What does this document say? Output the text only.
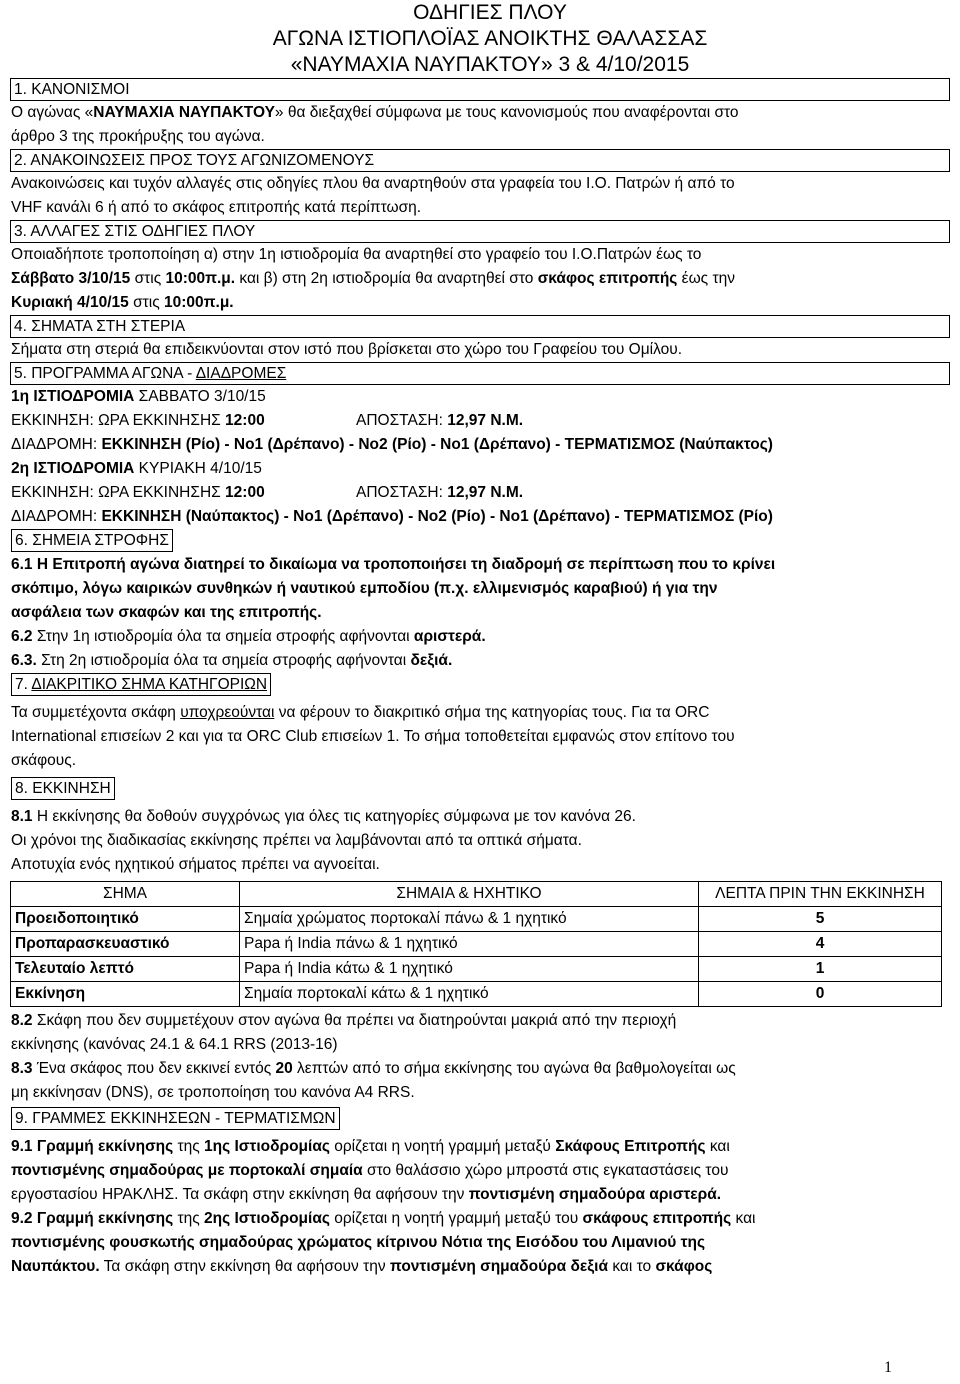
ΟΔΗΓΙΕΣ ΠΛΟΥ
ΑΓΩΝΑ ΙΣΤΙΟΠΛΟΪΑΣ ΑΝΟΙΚΤΗΣ ΘΑΛΑΣΣΑΣ
«ΝΑΥΜΑΧΙΑ ΝΑΥΠΑΚΤΟΥ» 3 & 4/10/2015
1. ΚΑΝΟΝΙΣΜΟΙ
Ο αγώνας «ΝΑΥΜΑΧΙΑ ΝΑΥΠΑΚΤΟΥ» θα διεξαχθεί σύμφωνα με τους κανονισμούς που αναφέρονται στο
άρθρο 3 της προκήρυξης του αγώνα.
2. ΑΝΑΚΟΙΝΩΣΕΙΣ ΠΡΟΣ ΤΟΥΣ ΑΓΩΝΙΖΟΜΕΝΟΥΣ
Ανακοινώσεις και τυχόν αλλαγές στις οδηγίες πλου θα αναρτηθούν στα γραφεία του Ι.Ο. Πατρών ή από το
VHF κανάλι 6 ή από το σκάφος επιτροπής κατά περίπτωση.
3. ΑΛΛΑΓΕΣ ΣΤΙΣ ΟΔΗΓΙΕΣ ΠΛΟΥ
Οποιαδήποτε τροποποίηση α) στην 1η ιστιοδρομία θα αναρτηθεί στο γραφείο του Ι.Ο.Πατρών έως το
Σάββατο 3/10/15 στις 10:00π.μ. και β) στη 2η ιστιοδρομία θα αναρτηθεί στο σκάφος επιτροπής έως την
Κυριακή 4/10/15 στις 10:00π.μ.
4. ΣΗΜΑΤΑ ΣΤΗ ΣΤΕΡΙΑ
Σήματα στη στεριά θα επιδεικνύονται στον ιστό που βρίσκεται στο χώρο του Γραφείου του Ομίλου.
5. ΠΡΟΓΡΑΜΜΑ ΑΓΩΝΑ - ΔΙΑΔΡΟΜΕΣ
1η ΙΣΤΙΟΔΡΟΜΙΑ ΣΑΒΒΑΤΟ 3/10/15
ΕΚΚΙΝΗΣΗ: ΩΡΑ ΕΚΚΙΝΗΣΗΣ 12:00	ΑΠΟΣΤΑΣΗ: 12,97 Ν.Μ.
ΔΙΑΔΡΟΜΗ: ΕΚΚΙΝΗΣΗ (Ρίο) - Νο1 (Δρέπανο) - Νο2 (Ρίο) - Νο1 (Δρέπανο) - ΤΕΡΜΑΤΙΣΜΟΣ (Ναύπακτος)
2η ΙΣΤΙΟΔΡΟΜΙΑ ΚΥΡΙΑΚΗ 4/10/15
ΕΚΚΙΝΗΣΗ: ΩΡΑ ΕΚΚΙΝΗΣΗΣ 12:00	ΑΠΟΣΤΑΣΗ: 12,97 Ν.Μ.
ΔΙΑΔΡΟΜΗ: ΕΚΚΙΝΗΣΗ (Ναύπακτος) - Νο1 (Δρέπανο) - Νο2 (Ρίο) - Νο1 (Δρέπανο) - ΤΕΡΜΑΤΙΣΜΟΣ (Ρίο)
6. ΣΗΜΕΙΑ ΣΤΡΟΦΗΣ
6.1 Η Επιτροπή αγώνα διατηρεί το δικαίωμα να τροποποιήσει τη διαδρομή σε περίπτωση που το κρίνει
σκόπιμο, λόγω καιρικών συνθηκών ή ναυτικού εμποδίου (π.χ. ελλιμενισμός καραβιού) ή για την
ασφάλεια των σκαφών και της επιτροπής.
6.2 Στην 1η ιστιοδρομία όλα τα σημεία στροφής αφήνονται αριστερά.
6.3. Στη 2η ιστιοδρομία όλα τα σημεία στροφής αφήνονται δεξιά.
7. ΔΙΑΚΡΙΤΙΚΟ ΣΗΜΑ ΚΑΤΗΓΟΡΙΩΝ
Τα συμμετέχοντα σκάφη υποχρεούνται να φέρουν το διακριτικό σήμα της κατηγορίας τους. Για τα ORC
International επισείων 2 και για τα ORC Club επισείων 1. Το σήμα τοποθετείται εμφανώς στον επίτονο του
σκάφους.
8. ΕΚΚΙΝΗΣΗ
8.1 Η εκκίνησης θα δοθούν συγχρόνως για όλες τις κατηγορίες σύμφωνα με τον κανόνα 26.
Οι χρόνοι της διαδικασίας εκκίνησης πρέπει να λαμβάνονται από τα οπτικά σήματα.
Αποτυχία ενός ηχητικού σήματος πρέπει να αγνοείται.
ΣΗΜΑ	ΣΗΜΑΙΑ & ΗΧΗΤΙΚΟ	ΛΕΠΤΑ ΠΡΙΝ ΤΗΝ ΕΚΚΙΝΗΣΗ
Προειδοποιητικό	Σημαία χρώματος πορτοκαλί πάνω & 1 ηχητικό	5
Προπαρασκευαστικό	Papa ή India πάνω & 1 ηχητικό	4
Τελευταίο λεπτό	Papa ή India κάτω & 1 ηχητικό	1
Εκκίνηση	Σημαία πορτοκαλί κάτω & 1 ηχητικό	0
8.2 Σκάφη που δεν συμμετέχουν στον αγώνα θα πρέπει να διατηρούνται μακριά από την περιοχή
εκκίνησης (κανόνας 24.1 & 64.1 RRS (2013-16)
8.3 Ένα σκάφος που δεν εκκινεί εντός 20 λεπτών από το σήμα εκκίνησης του αγώνα θα βαθμολογείται ως
μη εκκίνησαν (DNS), σε τροποποίηση του κανόνα Α4 RRS.
9. ΓΡΑΜΜΕΣ ΕΚΚΙΝΗΣΕΩΝ - ΤΕΡΜΑΤΙΣΜΩΝ
9.1 Γραμμή εκκίνησης της 1ης Ιστιοδρομίας ορίζεται η νοητή γραμμή μεταξύ Σκάφους Επιτροπής και
ποντισμένης σημαδούρας με πορτοκαλί σημαία στο θαλάσσιο χώρο μπροστά στις εγκαταστάσεις του
εργοστασίου ΗΡΑΚΛΗΣ. Τα σκάφη στην εκκίνηση θα αφήσουν την ποντισμένη σημαδούρα αριστερά.
9.2 Γραμμή εκκίνησης της 2ης Ιστιοδρομίας ορίζεται η νοητή γραμμή μεταξύ του σκάφους επιτροπής και
ποντισμένης φουσκωτής σημαδούρας χρώματος κίτρινου Νότια της Εισόδου του Λιμανιού της
Ναυπάκτου. Τα σκάφη στην εκκίνηση θα αφήσουν την ποντισμένη σημαδούρα δεξιά και το σκάφος
1
